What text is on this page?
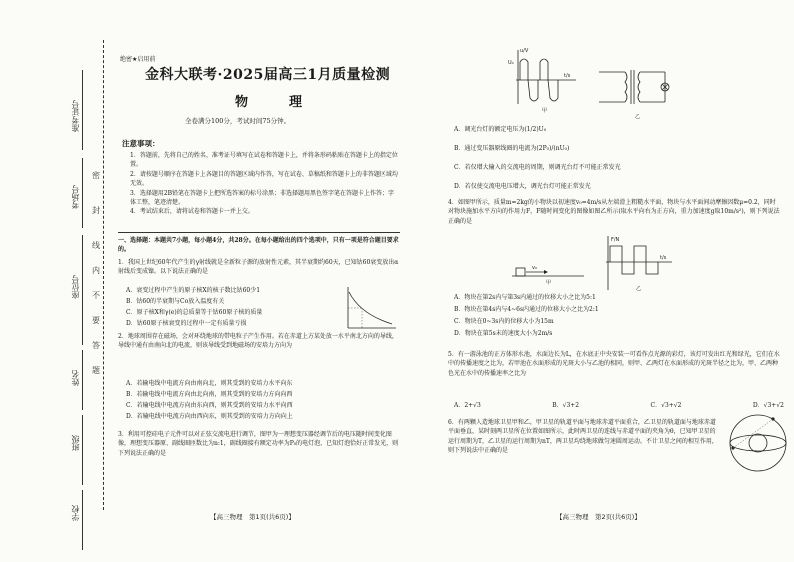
准考证号
考场号
座位号
姓名
班级
学校
密
封
线
内
不
要
答
题
绝密★启用前
金科大联考·2025届高三1月质量检测
物　理
全卷满分100分，考试时间75分钟。
注意事项：
1．答题前，先将自己的姓名、准考证号填写在试卷和答题卡上，并将条形码粘贴在答题卡上的指定位置。
2．请按题号顺序在答题卡上各题目的答题区域内作答，写在试卷、草稿纸和答题卡上的非答题区域均无效。
3．选择题用2B铅笔在答题卡上把所选答案的标号涂黑；非选择题用黑色签字笔在答题卡上作答；字体工整，笔迹清楚。
4．考试结束后，请将试卷和答题卡一并上交。
一、选择题：本题共7小题，每小题4分，共28分。在每小题给出的四个选项中，只有一项是符合题目要求的。
1．我国上世纪60年代产生的γ射线就是全新粒子源的放射性元素，其半衰期约60天，已知钴60衰变放出α射线后变成镍。以下说法正确的是
A．衰变过程中产生的原子核X的核子数比钴60少1
B．钴60的半衰期与Co放入温度有关
C．原子核X和γ(e)的总质量等于钴60原子核的质量
D．钴60原子核衰变的过程中一定有质量亏损
2．地球周围存在磁场，会对环绕地球的带电粒子产生作用。若在赤道上方某处放一水平南北方向的导线，导线中通有由南向北的电流，则该导线受到地磁场的安培力方向为
A．若输电线中电流方向由南向北，则其受到的安培力水平向东
B．若输电线中电流方向由北向南，则其受到的安培力方向向西
C．若输电线中电流方向由东向西，则其受到的安培力水平向西
D．若输电线中电流方向由西向东，则其受到的安培力方向向上
3．利用可控硅电子元件可以对正弦交流电进行调节，图甲为一理想变压器经调节后的电压随时间变化图像，理想变压器原、副线圈匝数比为n:1，副线圈接有额定功率为P₀的电灯泡，已知灯泡恰好正常发光，则下列说法正确的是
【高三物理　第1页(共6页)】
u/V
t/s
U₀
甲
乙
A．调光台灯的额定电压为(1/2)U₀
B．通过变压器原线圈的电流为(2P₀)/(nU₀)
C．若仅增大输入的交流电的周期，则调光台灯不可能正常发光
D．若仅使交流电电压增大，调光台灯可能正常发光
4．如图甲所示，质量m=2kg的小物块以初速度v₀=4m/s从左端滑上粗糙水平面，物块与水平面间动摩擦因数μ=0.2，同时对物块施加水平方向的作用力F，F随时间变化的图像如图乙所示(取水平向右为正方向，重力加速度g取10m/s²)，则下列说法正确的是
v₀
甲
F/N
t/s
乙
A．物块在第2s内与第3s内通过的位移大小之比为5:1
B．物块在第4s内与4~6s内通过的位移大小之比为2:1
C．物块在0~3s内的位移大小为15m
D．物块在第5s末的速度大小为2m/s
5．有一游泳池的正方体形水池，水面边长为L，在水底正中央安装一可看作点光源的彩灯，该灯可发出红光和绿光，它们在水中的传播速度之比为，若甲池在水面形成的光斑大小与乙池的相同，则甲、乙两灯在水面形成的光斑半径之比为，甲、乙两种色光在水中的传播速率之比为
A．2+√3	B．√3+2	C．√3+√2	D．√3+√2
6．有两颗人造地球卫星甲和乙，甲卫星的轨道平面与地球赤道平面重合，乙卫星的轨道面与地球赤道平面垂直，某时刻两卫星所在位置如图所示，此时两卫星的连线与赤道平面的夹角为θ，已知甲卫星的运行周期为T，乙卫星的运行周期为nT，两卫星均绕地球做匀速圆周运动。不计卫星之间的相互作用，则下列说法中正确的是
【高三物理　第2页(共6页)】
